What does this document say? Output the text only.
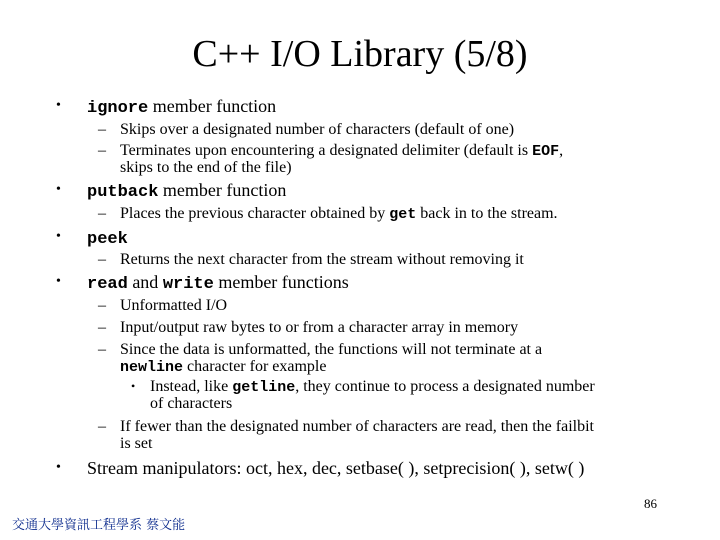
C++ I/O Library (5/8)
• ignore member function
– Skips over a designated number of characters (default of one)
– Terminates upon encountering a designated delimiter (default is EOF,
skips to the end of the file)
• putback member function
– Places the previous character obtained by get back in to the stream.
• peek
– Returns the next character from the stream without removing it
• read and write member functions
– Unformatted I/O
– Input/output raw bytes to or from a character array in memory
– Since the data is unformatted, the functions will not terminate at a
newline character for example
• Instead, like getline, they continue to process a designated number
of characters
– If fewer than the designated number of characters are read, then the failbit
is set
• Stream manipulators: oct, hex, dec, setbase( ), setprecision( ), setw( )
86
交通大學資訊工程學系 蔡文能
